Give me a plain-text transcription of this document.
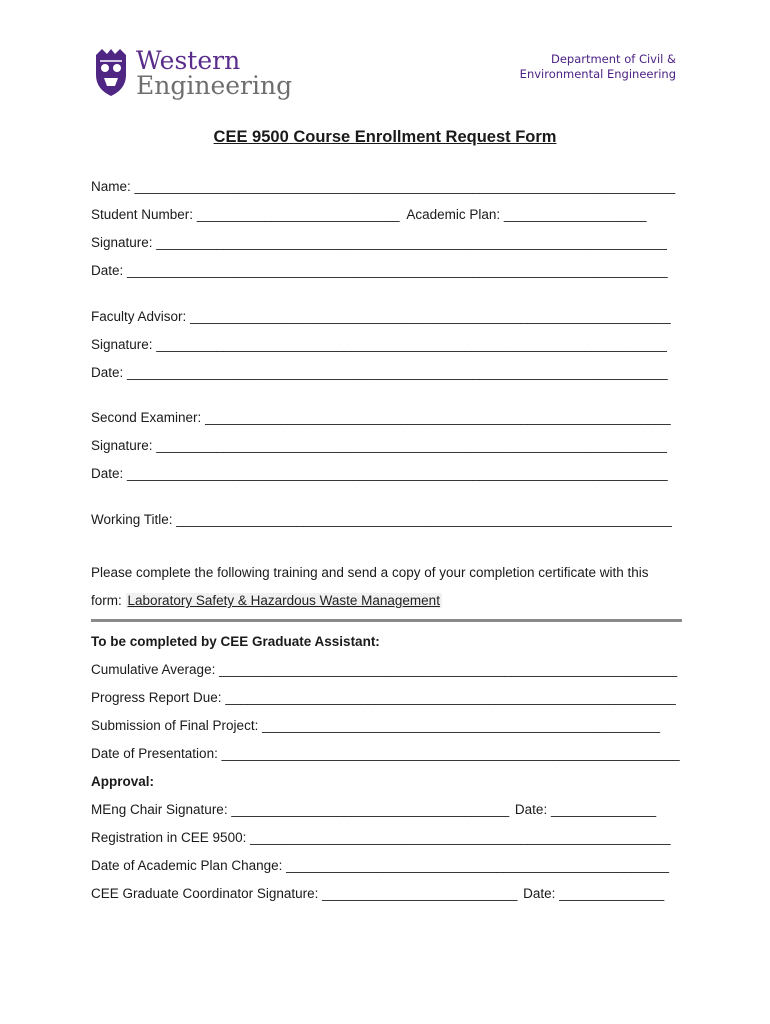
Western
Engineering
Department of Civil &
Environmental Engineering
CEE 9500 Course Enrollment Request Form
Name: ________________________________________________________________________
Student Number: ___________________________ Academic Plan: ___________________
Signature: ____________________________________________________________________
Date: ________________________________________________________________________
Faculty Advisor: ________________________________________________________________
Signature: ____________________________________________________________________
Date: ________________________________________________________________________
Second Examiner: ______________________________________________________________
Signature: ____________________________________________________________________
Date: ________________________________________________________________________
Working Title: __________________________________________________________________
Please complete the following training and send a copy of your completion certificate with this
form: Laboratory Safety & Hazardous Waste Management
To be completed by CEE Graduate Assistant:
Cumulative Average: _____________________________________________________________
Progress Report Due: ____________________________________________________________
Submission of Final Project: _____________________________________________________
Date of Presentation: _____________________________________________________________
Approval:
MEng Chair Signature: _____________________________________ Date: ______________
Registration in CEE 9500: ________________________________________________________
Date of Academic Plan Change: ___________________________________________________
CEE Graduate Coordinator Signature: __________________________ Date: ______________
